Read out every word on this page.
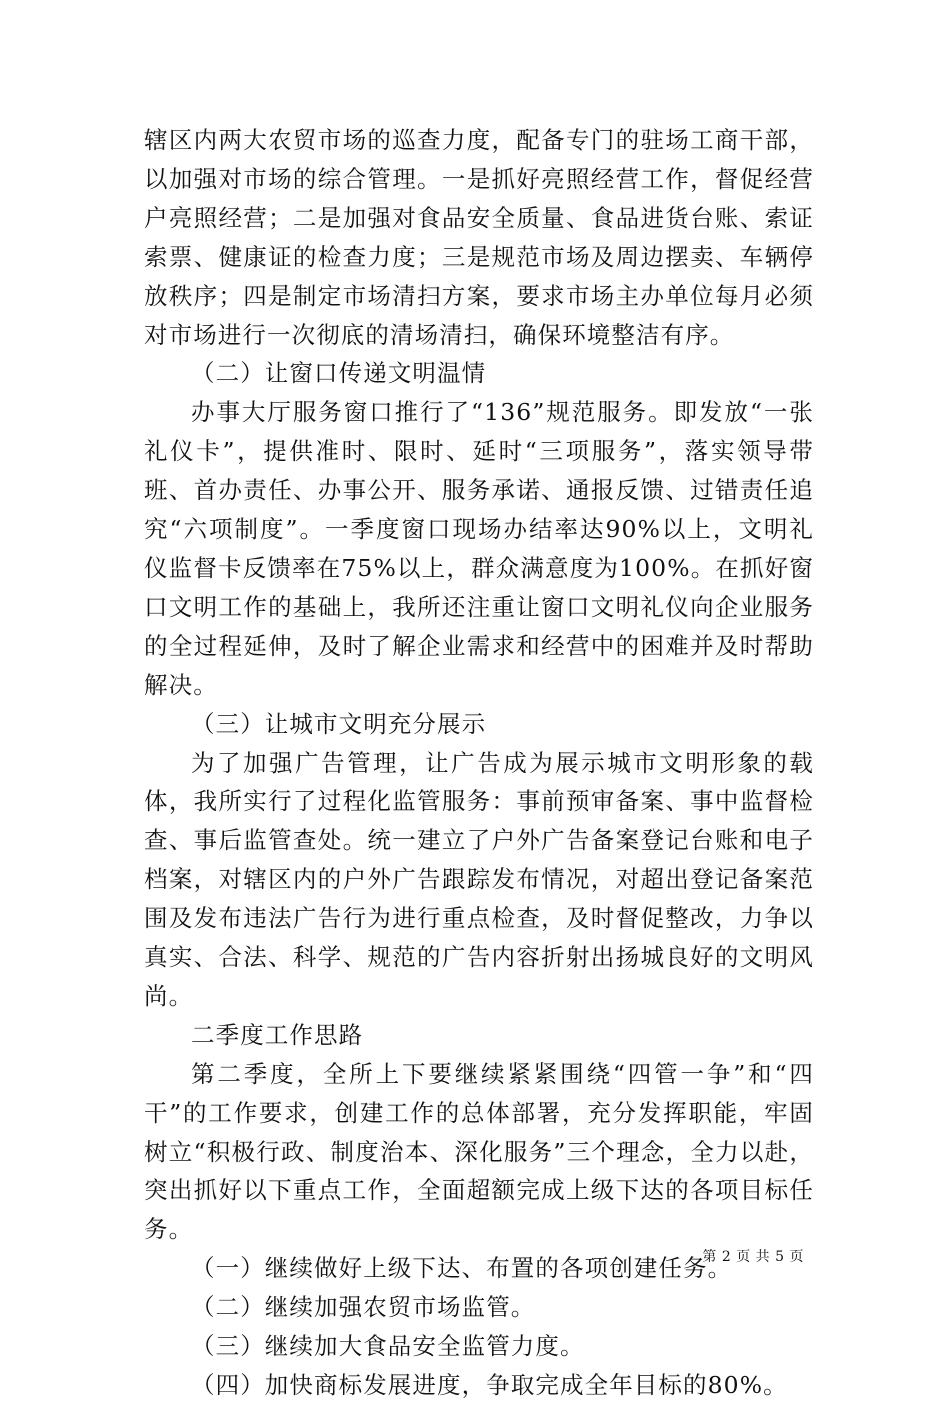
辖区内两大农贸市场的巡查力度，配备专门的驻场工商干部，以加强对市场的综合管理。一是抓好亮照经营工作，督促经营户亮照经营；二是加强对食品安全质量、食品进货台账、索证索票、健康证的检查力度；三是规范市场及周边摆卖、车辆停放秩序；四是制定市场清扫方案，要求市场主办单位每月必须对市场进行一次彻底的清场清扫，确保环境整洁有序。

（二）让窗口传递文明温情

办事大厅服务窗口推行了“136”规范服务。即发放“一张礼仪卡”，提供准时、限时、延时“三项服务”，落实领导带班、首办责任、办事公开、服务承诺、通报反馈、过错责任追究“六项制度”。一季度窗口现场办结率达90%以上，文明礼仪监督卡反馈率在75%以上，群众满意度为100%。在抓好窗口文明工作的基础上，我所还注重让窗口文明礼仪向企业服务的全过程延伸，及时了解企业需求和经营中的困难并及时帮助解决。

（三）让城市文明充分展示

为了加强广告管理，让广告成为展示城市文明形象的载体，我所实行了过程化监管服务：事前预审备案、事中监督检查、事后监管查处。统一建立了户外广告备案登记台账和电子档案，对辖区内的户外广告跟踪发布情况，对超出登记备案范围及发布违法广告行为进行重点检查，及时督促整改，力争以真实、合法、科学、规范的广告内容折射出扬城良好的文明风尚。

二季度工作思路

第二季度，全所上下要继续紧紧围绕“四管一争”和“四干”的工作要求，创建工作的总体部署，充分发挥职能，牢固树立“积极行政、制度治本、深化服务”三个理念，全力以赴，突出抓好以下重点工作，全面超额完成上级下达的各项目标任务。

（一）继续做好上级下达、布置的各项创建任务。

（二）继续加强农贸市场监管。

（三）继续加大食品安全监管力度。

（四）加快商标发展进度，争取完成全年目标的80%。

第 2 页 共 5 页
